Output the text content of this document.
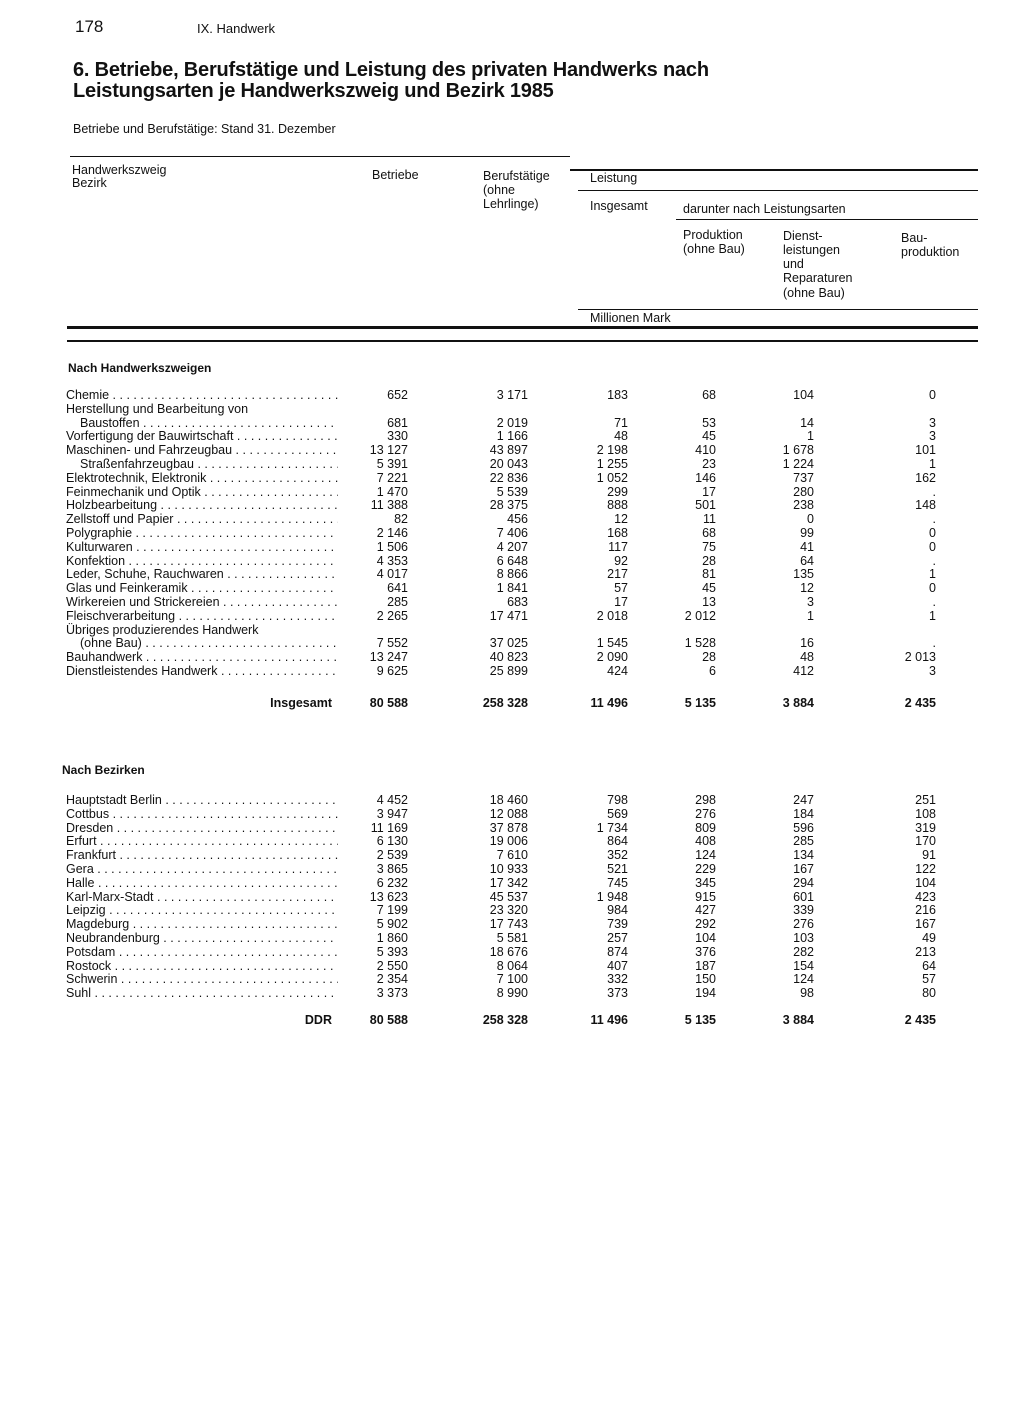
178	IX. Handwerk
6. Betriebe, Berufstätige und Leistung des privaten Handwerks nach Leistungsarten je Handwerkszweig und Bezirk 1985
Betriebe und Berufstätige: Stand 31. Dezember
Handwerkszweig
Bezirk
Betriebe	Berufstätige
(ohne
Lehrlinge)
Leistung
Insgesamt	darunter nach Leistungsarten
Produktion
(ohne Bau)
Dienst-
leistungen
und
Reparaturen
(ohne Bau)
Bau-
produktion
Millionen Mark
Nach Handwerkszweigen
Chemie . . .	652	3 171	183	68	104	0
Herstellung und Bearbeitung von
Baustoffen . . .	681	2 019	71	53	14	3
Vorfertigung der Bauwirtschaft . . .	330	1 166	48	45	1	3
Maschinen- und Fahrzeugbau . . .	13 127	43 897	2 198	410	1 678	101
Straßenfahrzeugbau . . .	5 391	20 043	1 255	23	1 224	1
Elektrotechnik, Elektronik . . .	7 221	22 836	1 052	146	737	162
Feinmechanik und Optik . . .	1 470	5 539	299	17	280	.
Holzbearbeitung . . .	11 388	28 375	888	501	238	148
Zellstoff und Papier . . .	82	456	12	11	0	.
Polygraphie . . .	2 146	7 406	168	68	99	0
Kulturwaren . . .	1 506	4 207	117	75	41	0
Konfektion . . .	4 353	6 648	92	28	64	.
Leder, Schuhe, Rauchwaren . . .	4 017	8 866	217	81	135	1
Glas und Feinkeramik . . .	641	1 841	57	45	12	0
Wirkereien und Strickereien . . .	285	683	17	13	3	.
Fleischverarbeitung . . .	2 265	17 471	2 018	2 012	1	1
Übriges produzierendes Handwerk
(ohne Bau) . . .	7 552	37 025	1 545	1 528	16	.
Bauhandwerk . . .	13 247	40 823	2 090	28	48	2 013
Dienstleistendes Handwerk . . .	9 625	25 899	424	6	412	3
Insgesamt	80 588	258 328	11 496	5 135	3 884	2 435
Nach Bezirken
Hauptstadt Berlin . . .	4 452	18 460	798	298	247	251
Cottbus . . .	3 947	12 088	569	276	184	108
Dresden . . .	11 169	37 878	1 734	809	596	319
Erfurt . . .	6 130	19 006	864	408	285	170
Frankfurt . . .	2 539	7 610	352	124	134	91
Gera . . .	3 865	10 933	521	229	167	122
Halle . . .	6 232	17 342	745	345	294	104
Karl-Marx-Stadt . . .	13 623	45 537	1 948	915	601	423
Leipzig . . .	7 199	23 320	984	427	339	216
Magdeburg . . .	5 902	17 743	739	292	276	167
Neubrandenburg . . .	1 860	5 581	257	104	103	49
Potsdam . . .	5 393	18 676	874	376	282	213
Rostock . . .	2 550	8 064	407	187	154	64
Schwerin . . .	2 354	7 100	332	150	124	57
Suhl . . .	3 373	8 990	373	194	98	80
DDR	80 588	258 328	11 496	5 135	3 884	2 435
